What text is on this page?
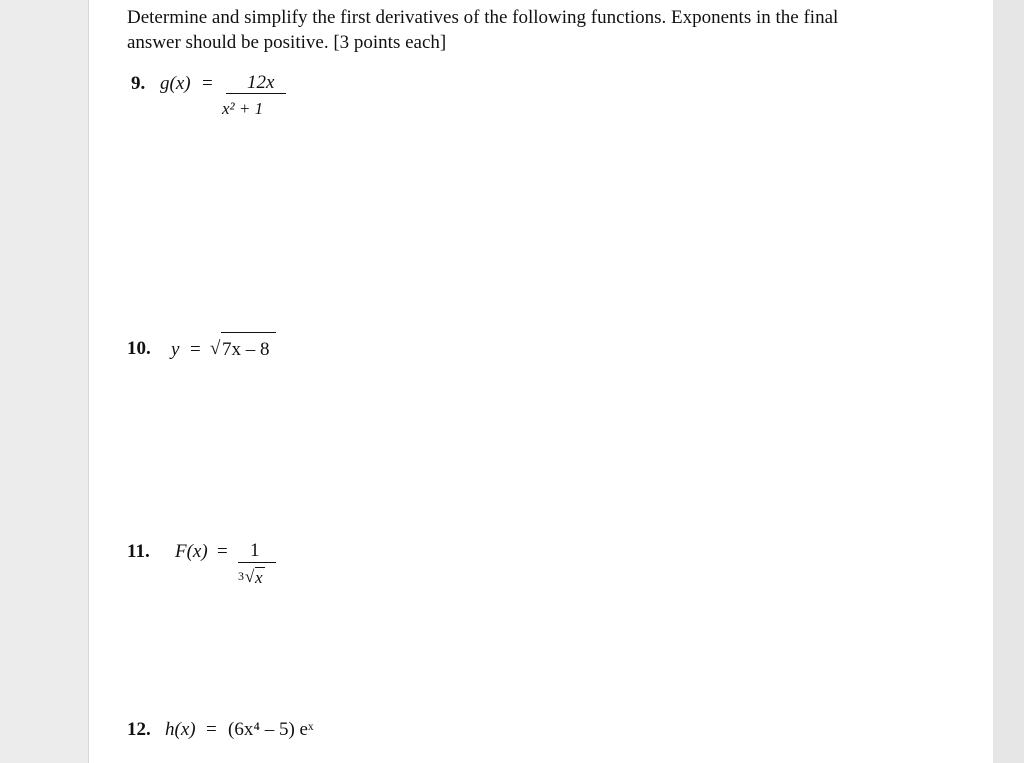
Determine and simplify the first derivatives of the following functions. Exponents in the final
answer should be positive. [3 points each]
9. g(x) = 12x
x² + 1
10. y = √ 7x – 8
11. F(x) = 1
3 √ x
12. h(x) = (6x⁴ – 5) eˣ
